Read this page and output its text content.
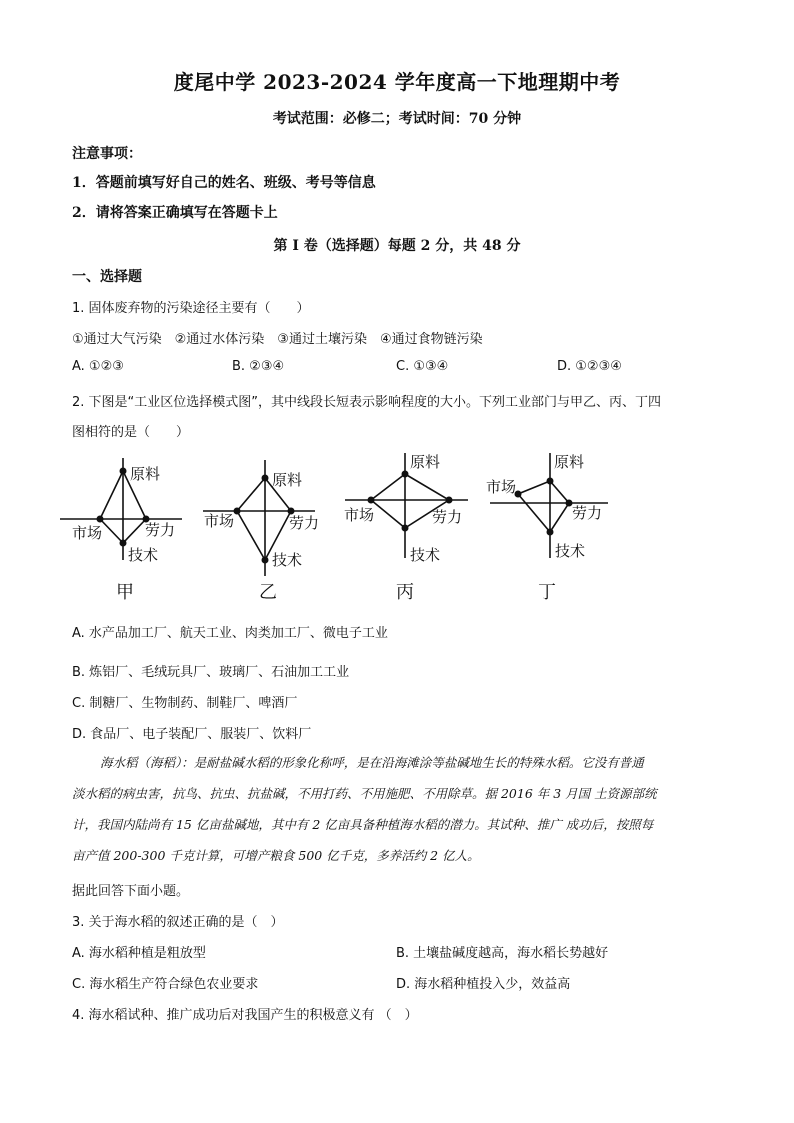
度尾中学 2023-2024 学年度高一下地理期中考
考试范围：必修二；考试时间：70 分钟
注意事项：
1．答题前填写好自己的姓名、班级、考号等信息
2．请将答案正确填写在答题卡上
第 I 卷（选择题）每题 2 分，共 48 分
一、选择题
1. 固体废弃物的污染途径主要有（　　）
①通过大气污染　②通过水体污染　③通过土壤污染　④通过食物链污染
A. ①②③	B. ②③④	C. ①③④	D. ①②③④
2. 下图是“工业区位选择模式图”，其中线段长短表示影响程度的大小。下列工业部门与甲乙、丙、丁四
图相符的是（　　）
原料
市场	劳力
技术
甲
原料
市场	劳力
技术
乙
原料
市场	劳力
技术
丙
原料
市场
劳力
技术
丁
A. 水产品加工厂、航天工业、肉类加工厂、微电子工业
B. 炼铝厂、毛绒玩具厂、玻璃厂、石油加工工业
C. 制糖厂、生物制药、制鞋厂、啤酒厂
D. 食品厂、电子装配厂、服装厂、饮料厂
海水稻（海稻）：是耐盐碱水稻的形象化称呼，是在沿海滩涂等盐碱地生长的特殊水稻。它没有普通
淡水稻的病虫害，抗鸟、抗虫、抗盐碱，不用打药、不用施肥、不用除草。据 2016 年 3 月国 土资源部统
计，我国内陆尚有 15 亿亩盐碱地，其中有 2 亿亩具备种植海水稻的潜力。其试种、推广 成功后，按照每
亩产值 200-300 千克计算，可增产粮食 500 亿千克，多养活约 2 亿人。
据此回答下面小题。
3. 关于海水稻的叙述正确的是（　）
A. 海水稻种植是粗放型	B. 土壤盐碱度越高，海水稻长势越好
C. 海水稻生产符合绿色农业要求	D. 海水稻种植投入少，效益高
4. 海水稻试种、推广成功后对我国产生的积极意义有 （　）
